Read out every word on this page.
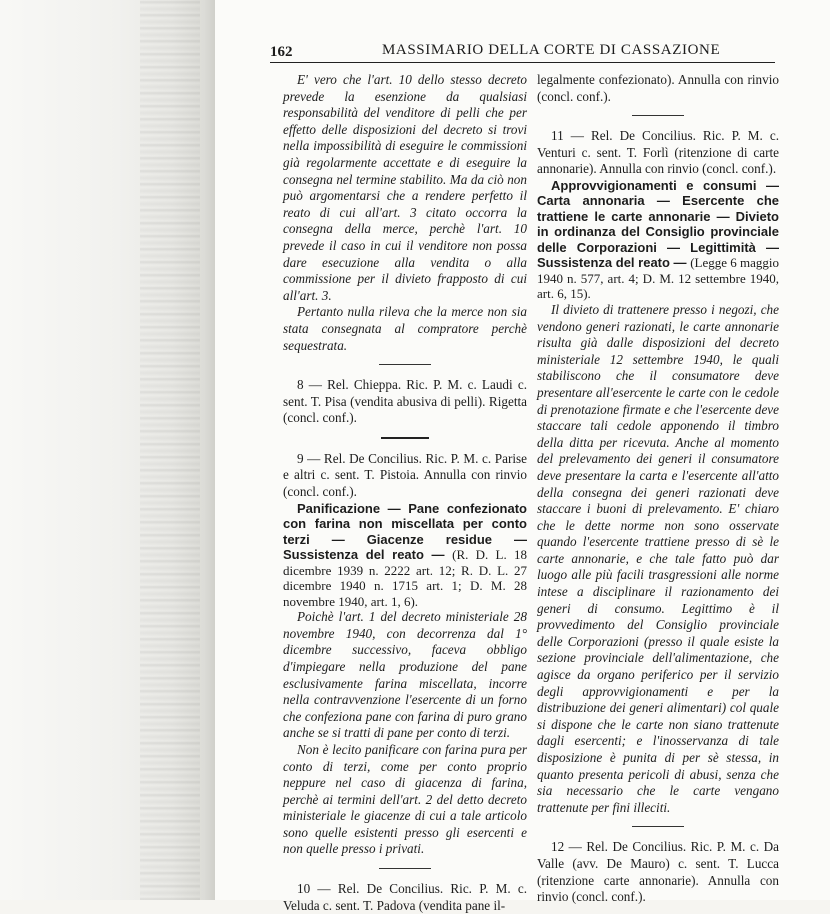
162	MASSIMARIO DELLA CORTE DI CASSAZIONE

E' vero che l'art. 10 dello stesso decreto prevede la esenzione da qualsiasi responsabilità del venditore di pelli che per effetto delle disposizioni del decreto si trovi nella impossibilità di eseguire le commissioni già regolarmente accettate e di eseguire la consegna nel termine stabilito. Ma da ciò non può argomentarsi che a rendere perfetto il reato di cui all'art. 3 citato occorra la consegna della merce, perchè l'art. 10 prevede il caso in cui il venditore non possa dare esecuzione alla vendita o alla commissione per il divieto frapposto di cui all'art. 3.

Pertanto nulla rileva che la merce non sia stata consegnata al compratore perchè sequestrata.

8 — Rel. Chieppa. Ric. P. M. c. Laudi c. sent. T. Pisa (vendita abusiva di pelli). Rigetta (concl. conf.).

9 — Rel. De Concilius. Ric. P. M. c. Parise e altri c. sent. T. Pistoia. Annulla con rinvio (concl. conf.).

Panificazione — Pane confezionato con farina non miscellata per conto terzi — Giacenze residue — Sussistenza del reato — (R. D. L. 18 dicembre 1939 n. 2222 art. 12; R. D. L. 27 dicembre 1940 n. 1715 art. 1; D. M. 28 novembre 1940, art. 1, 6).

Poichè l'art. 1 del decreto ministeriale 28 novembre 1940, con decorrenza dal 1° dicembre successivo, faceva obbligo d'impiegare nella produzione del pane esclusivamente farina miscellata, incorre nella contravvenzione l'esercente di un forno che confeziona pane con farina di puro grano anche se si tratti di pane per conto di terzi.

Non è lecito panificare con farina pura per conto di terzi, come per conto proprio neppure nel caso di giacenza di farina, perchè ai termini dell'art. 2 del detto decreto ministeriale le giacenze di cui a tale articolo sono quelle esistenti presso gli esercenti e non quelle presso i privati.

10 — Rel. De Concilius. Ric. P. M. c. Veluda c. sent. T. Padova (vendita pane il-

legalmente confezionato). Annulla con rinvio (concl. conf.).

11 — Rel. De Concilius. Ric. P. M. c. Venturi c. sent. T. Forlì (ritenzione di carte annonarie). Annulla con rinvio (concl. conf.).

Approvvigionamenti e consumi — Carta annonaria — Esercente che trattiene le carte annonarie — Divieto in ordinanza del Consiglio provinciale delle Corporazioni — Legittimità — Sussistenza del reato — (Legge 6 maggio 1940 n. 577, art. 4; D. M. 12 settembre 1940, art. 6, 15).

Il divieto di trattenere presso i negozi, che vendono generi razionati, le carte annonarie risulta già dalle disposizioni del decreto ministeriale 12 settembre 1940, le quali stabiliscono che il consumatore deve presentare all'esercente le carte con le cedole di prenotazione firmate e che l'esercente deve staccare tali cedole apponendo il timbro della ditta per ricevuta. Anche al momento del prelevamento dei generi il consumatore deve presentare la carta e l'esercente all'atto della consegna dei generi razionati deve staccare i buoni di prelevamento. E' chiaro che le dette norme non sono osservate quando l'esercente trattiene presso di sè le carte annonarie, e che tale fatto può dar luogo alle più facili trasgressioni alle norme intese a disciplinare il razionamento dei generi di consumo. Legittimo è il provvedimento del Consiglio provinciale delle Corporazioni (presso il quale esiste la sezione provinciale dell'alimentazione, che agisce da organo periferico per il servizio degli approvvigionamenti e per la distribuzione dei generi alimentari) col quale si dispone che le carte non siano trattenute dagli esercenti; e l'inosservanza di tale disposizione è punita di per sè stessa, in quanto presenta pericoli di abusi, senza che sia necessario che le carte vengano trattenute per fini illeciti.

12 — Rel. De Concilius. Ric. P. M. c. Da Valle (avv. De Mauro) c. sent. T. Lucca (ritenzione carte annonarie). Annulla con rinvio (concl. conf.).
